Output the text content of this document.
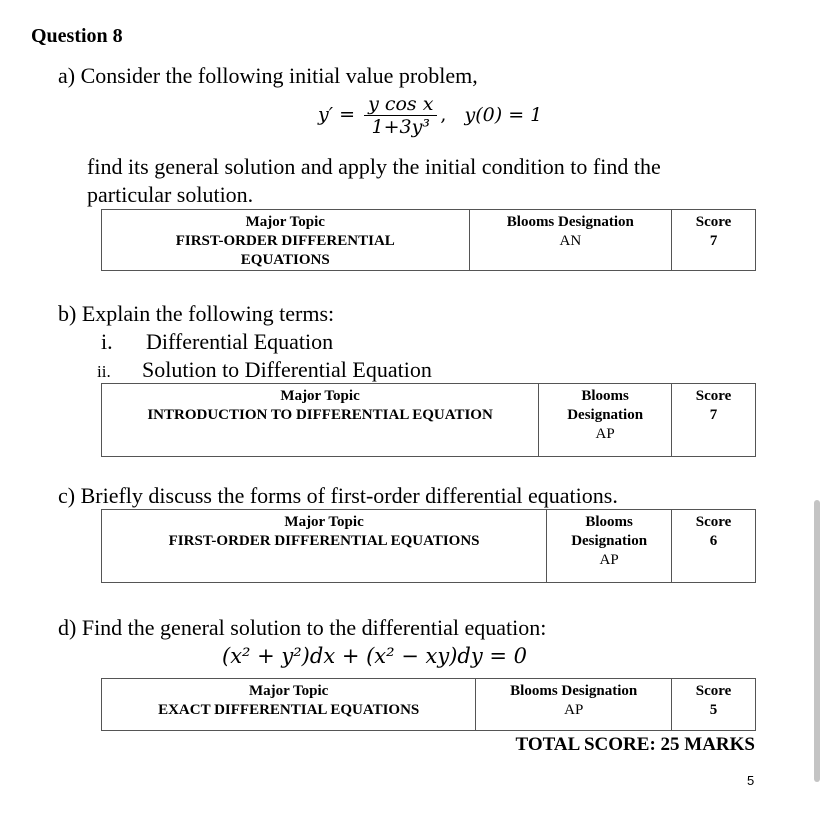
Question 8
a) Consider the following initial value problem,
$y' = \frac{\text{y cos x}}{\text{1+3y³}}$ , y(0) = 1
find its general solution and apply the initial condition to find the
particular solution.
Major Topic
FIRST-ORDER DIFFERENTIAL EQUATIONS

Blooms Designation
AN

Score
7
b) Explain the following terms:
i. Differential Equation
ii. Solution to Differential Equation
Major Topic
INTRODUCTION TO DIFFERENTIAL EQUATION

Blooms Designation
AP

Score
7
c) Briefly discuss the forms of first-order differential equations.
Major Topic
FIRST-ORDER DIFFERENTIAL EQUATIONS

Blooms Designation
AP

Score
6
d) Find the general solution to the differential equation:
(x² + y²)dx + (x² − xy)dy = 0
Major Topic
EXACT DIFFERENTIAL EQUATIONS

Blooms Designation
AP

Score
5
TOTAL SCORE: 25 MARKS
5
